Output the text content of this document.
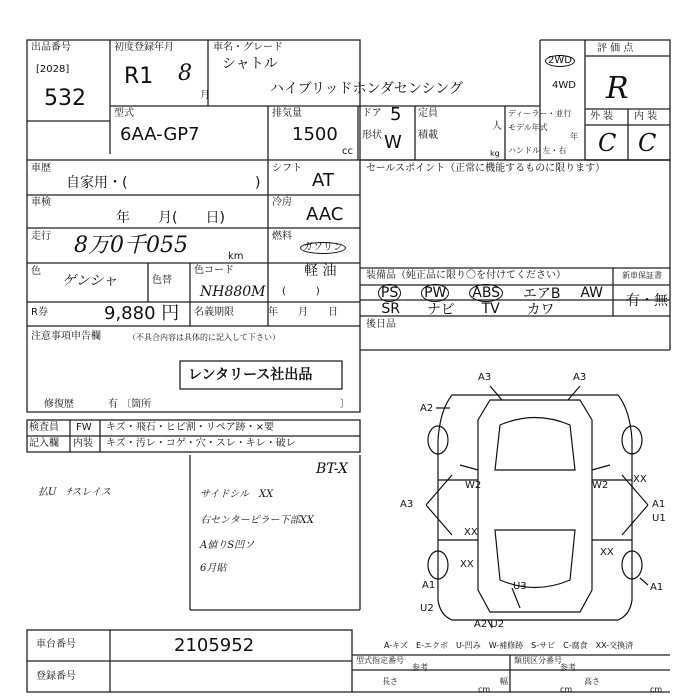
出品番号
[2028]
532
初度登録年月
R1 8
月
車名・グレード
シャトル
ハイブリッドホンダセンシング
2WD
4WD
評 価 点
R
型式
6AA-GP7
排気量
1500
cc
ドア 5
形状 W
定員
人
積載
kg
ディーラー・並行
モデル年式
年
ハンドル 左・右
外 装 内 装
C C
車歴
自家用・(	)
シフト
AT
セールスポイント（正常に機能するものに限ります）
車検
年　　月(　　日)
冷房
AAC
走行 8万0千055	km
燃料
ガソリン
軽 油
(　　　)
色
ゲンシャ	色替
色コード
NH880M
装備品（純正品に限り〇を付けてください）	新車保証書
有・無
PS PW ABS エアB AW
SR ナビ TV カワ
後日品
R券	9,880 円 名義期限	年　　月　　日
注意事項申告欄	（不具合内容は具体的に記入して下さい）
レンタリース社出品
修復歴	有 〔箇所	〕
検査員
記入欄
FW キズ・飛石・ヒビ割・リペア跡・×要
内装 キズ・汚レ・コゲ・穴・スレ・キレ・破レ
BT-X
払U　ﾁスレイス	サイドシル　XX
右センターピラー下部XX
A値りS凹ソ
6月貼
A3	A3
A2
W2	W2
A3
XX
XX
XX
A1
U1
XX
A1	U3	A1
A2 U2
U2
A-キズ　E-エクボ　U-凹み　W-補修跡　S-サビ　C-腐食　XX-交換済
車台番号	2105952
登録番号
型式指定番号
参考
類別区分番号
参考
長さ
cm
幅
cm
高さ
cm
